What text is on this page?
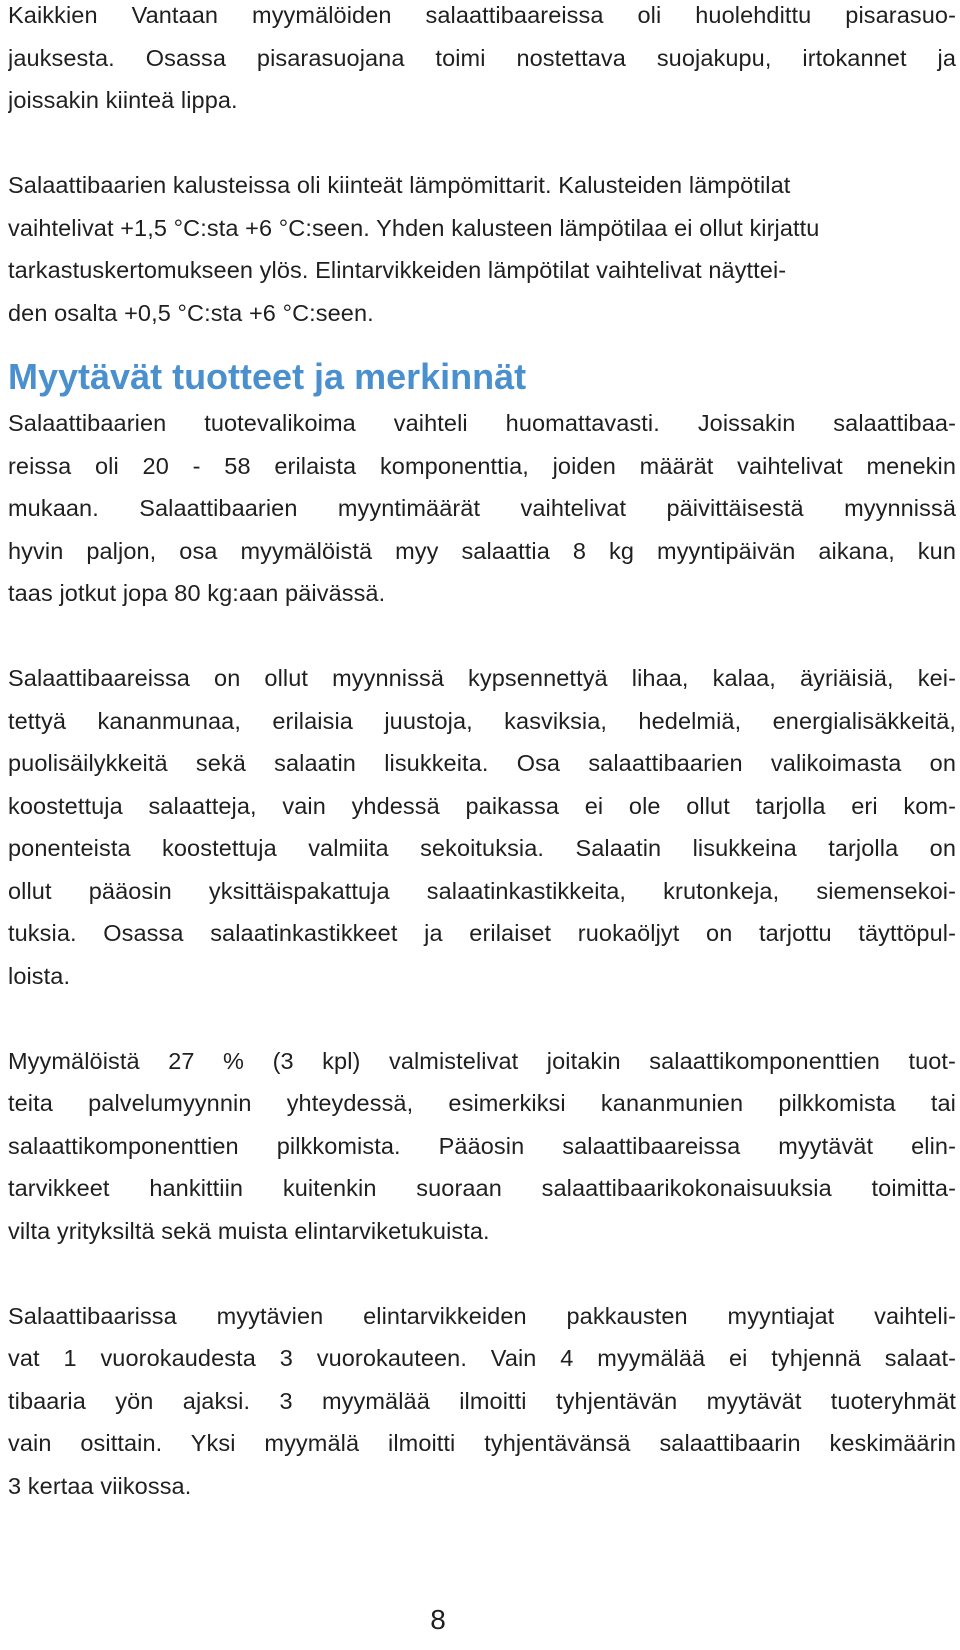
Kaikkien Vantaan myymälöiden salaattibaareissa oli huolehdittu pisarasuo-
jauksesta. Osassa pisarasuojana toimi nostettava suojakupu, irtokannet ja
joissakin kiinteä lippa.
Salaattibaarien kalusteissa oli kiinteät lämpömittarit. Kalusteiden lämpötilat
vaihtelivat +1,5 °C:sta +6 °C:seen. Yhden kalusteen lämpötilaa ei ollut kirjattu
tarkastuskertomukseen ylös. Elintarvikkeiden lämpötilat vaihtelivat näyttei-
den osalta +0,5 °C:sta +6 °C:seen.
Myytävät tuotteet ja merkinnät
Salaattibaarien tuotevalikoima vaihteli huomattavasti. Joissakin salaattibaa-
reissa oli 20 - 58 erilaista komponenttia, joiden määrät vaihtelivat menekin
mukaan. Salaattibaarien myyntimäärät vaihtelivat päivittäisestä myynnissä
hyvin paljon, osa myymälöistä myy salaattia 8 kg myyntipäivän aikana, kun
taas jotkut jopa 80 kg:aan päivässä.
Salaattibaareissa on ollut myynnissä kypsennettyä lihaa, kalaa, äyriäisiä, kei-
tettyä kananmunaa, erilaisia juustoja, kasviksia, hedelmiä, energialisäkkeitä,
puolisäilykkeitä sekä salaatin lisukkeita. Osa salaattibaarien valikoimasta on
koostettuja salaatteja, vain yhdessä paikassa ei ole ollut tarjolla eri kom-
ponenteista koostettuja valmiita sekoituksia. Salaatin lisukkeina tarjolla on
ollut pääosin yksittäispakattuja salaatinkastikkeita, krutonkeja, siemensekoi-
tuksia. Osassa salaatinkastikkeet ja erilaiset ruokaöljyt on tarjottu täyttöpul-
loista.
Myymälöistä 27 % (3 kpl) valmistelivat joitakin salaattikomponenttien tuot-
teita palvelumyynnin yhteydessä, esimerkiksi kananmunien pilkkomista tai
salaattikomponenttien pilkkomista. Pääosin salaattibaareissa myytävät elin-
tarvikkeet hankittiin kuitenkin suoraan salaattibaarikokonaisuuksia toimitta-
vilta yrityksiltä sekä muista elintarviketukuista.
Salaattibaarissa myytävien elintarvikkeiden pakkausten myyntiajat vaihteli-
vat 1 vuorokaudesta 3 vuorokauteen. Vain 4 myymälää ei tyhjennä salaat-
tibaaria yön ajaksi. 3 myymälää ilmoitti tyhjentävän myytävät tuoteryhmät
vain osittain. Yksi myymälä ilmoitti tyhjentävänsä salaattibaarin keskimäärin
3 kertaa viikossa.
8
